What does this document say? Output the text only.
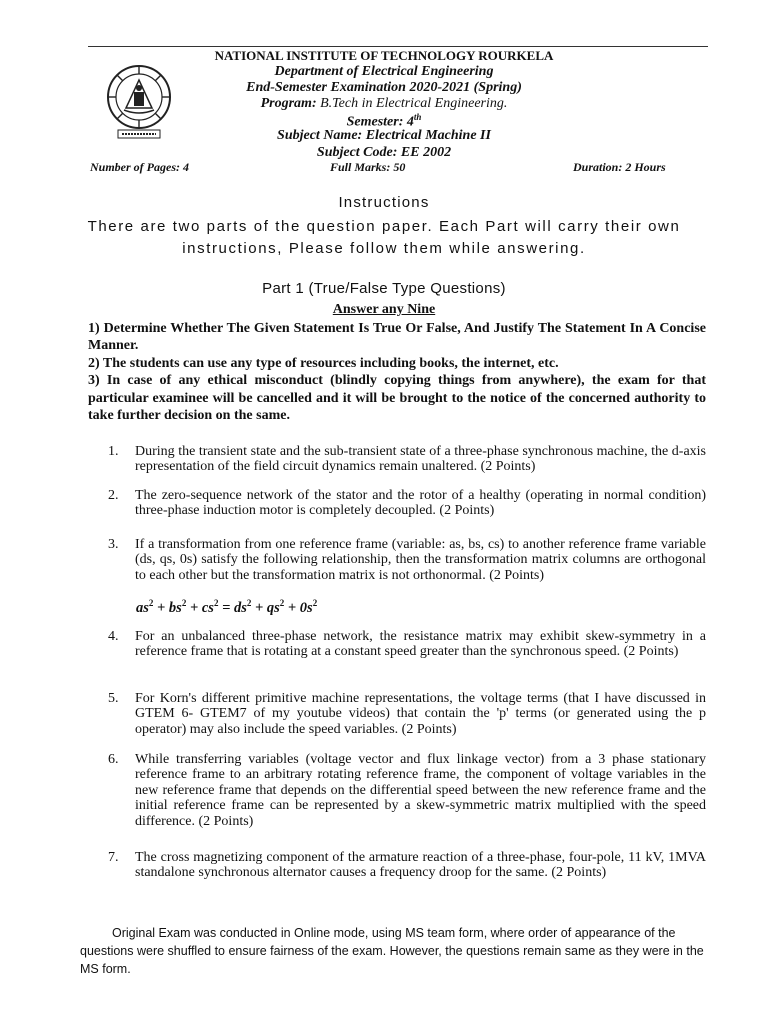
NATIONAL INSTITUTE OF TECHNOLOGY ROURKELA
Department of Electrical Engineering
End-Semester Examination 2020-2021 (Spring)
Program: B.Tech in Electrical Engineering.
Semester: 4th
Subject Name: Electrical Machine II
Subject Code: EE 2002
Number of Pages: 4	Full Marks: 50	Duration: 2 Hours
Instructions
There are two parts of the question paper. Each Part will carry their own instructions, Please follow them while answering.
Part 1 (True/False Type Questions)
Answer any Nine

1) Determine Whether The Given Statement Is True Or False, And Justify The Statement In A Concise Manner.

2) The students can use any type of resources including books, the internet, etc.

3) In case of any ethical misconduct (blindly copying things from anywhere), the exam for that particular examinee will be cancelled and it will be brought to the notice of the concerned authority to take further decision on the same.

1. During the transient state and the sub-transient state of a three-phase synchronous machine, the d-axis representation of the field circuit dynamics remain unaltered. (2 Points)
2. The zero-sequence network of the stator and the rotor of a healthy (operating in normal condition) three-phase induction motor is completely decoupled. (2 Points)
3. If a transformation from one reference frame (variable: as, bs, cs) to another reference frame variable (ds, qs, 0s) satisfy the following relationship, then the transformation matrix columns are orthogonal to each other but the transformation matrix is not orthonormal. (2 Points)
$as^2 + bs^2 + cs^2 = ds^2 + qs^2 + 0s^2$
4. For an unbalanced three-phase network, the resistance matrix may exhibit skew-symmetry in a reference frame that is rotating at a constant speed greater than the synchronous speed. (2 Points)
5. For Korn's different primitive machine representations, the voltage terms (that I have discussed in GTEM 6- GTEM7 of my youtube videos) that contain the 'p' terms (or generated using the p operator) may also include the speed variables. (2 Points)
6. While transferring variables (voltage vector and flux linkage vector) from a 3 phase stationary reference frame to an arbitrary rotating reference frame, the component of voltage variables in the new reference frame that depends on the differential speed between the new reference frame and the initial reference frame can be represented by a skew-symmetric matrix multiplied with the speed difference. (2 Points)
7. The cross magnetizing component of the armature reaction of a three-phase, four-pole, 11 kV, 1MVA standalone synchronous alternator causes a frequency droop for the same. (2 Points)
Original Exam was conducted in Online mode, using MS team form, where order of appearance of the questions were shuffled to ensure fairness of the exam. However, the questions remain same as they were in the MS form.
